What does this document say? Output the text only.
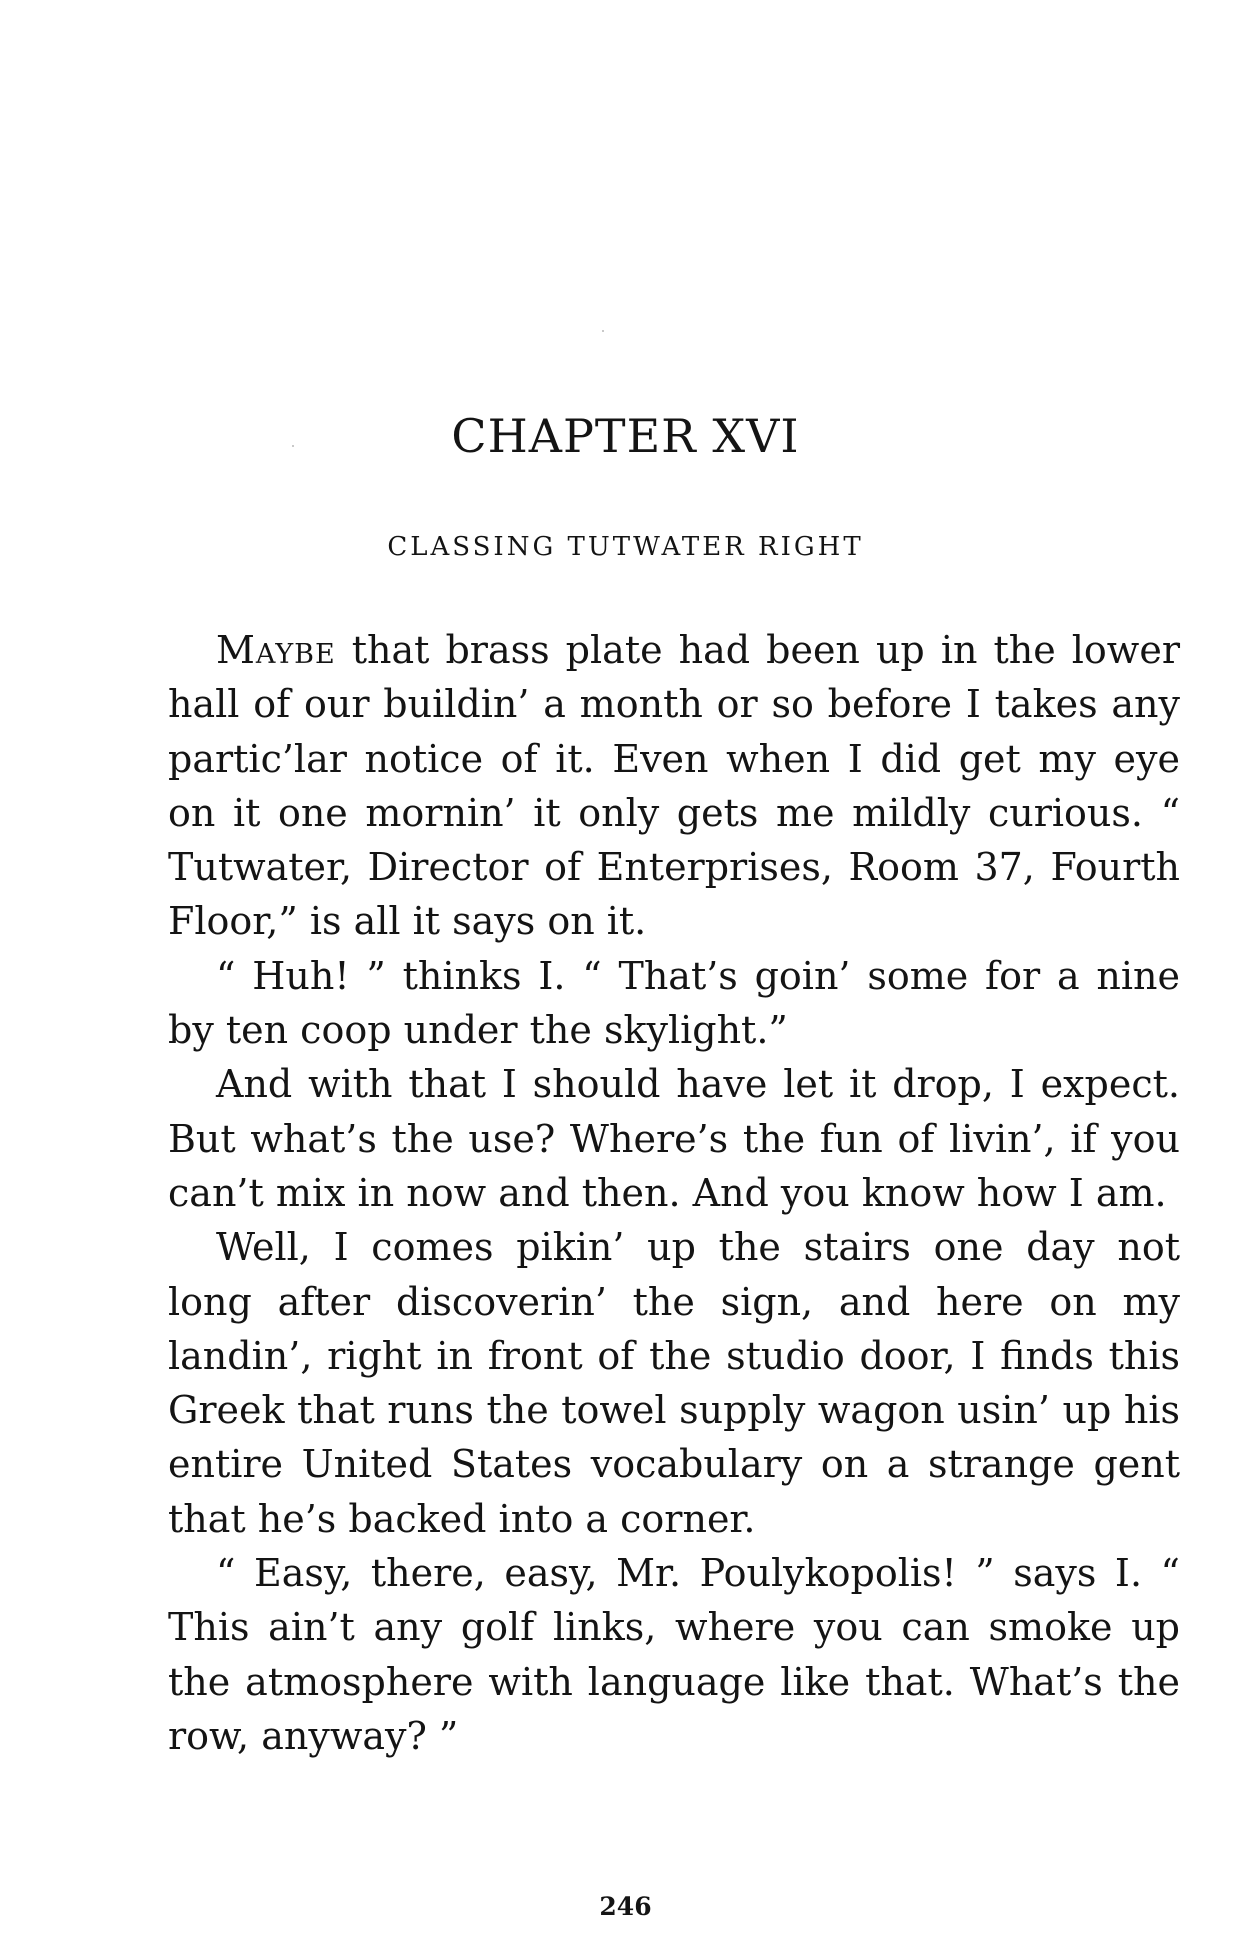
CHAPTER XVI
CLASSING TUTWATER RIGHT

Maybe that brass plate had been up in the lower hall of our buildin’ a month or so before I takes any partic’lar notice of it. Even when I did get my eye on it one mornin’ it only gets me mildly curious. “ Tutwater, Director of Enterprises, Room 37, Fourth Floor,” is all it says on it.

“ Huh! ” thinks I. “ That’s goin’ some for a nine by ten coop under the skylight.”

And with that I should have let it drop, I expect. But what’s the use? Where’s the fun of livin’, if you can’t mix in now and then. And you know how I am.

Well, I comes pikin’ up the stairs one day not long after discoverin’ the sign, and here on my landin’, right in front of the studio door, I finds this Greek that runs the towel supply wagon usin’ up his entire United States vocabulary on a strange gent that he’s backed into a corner.

“ Easy, there, easy, Mr. Poulykopolis! ” says I. “ This ain’t any golf links, where you can smoke up the atmosphere with language like that. What’s the row, anyway? ”

246
